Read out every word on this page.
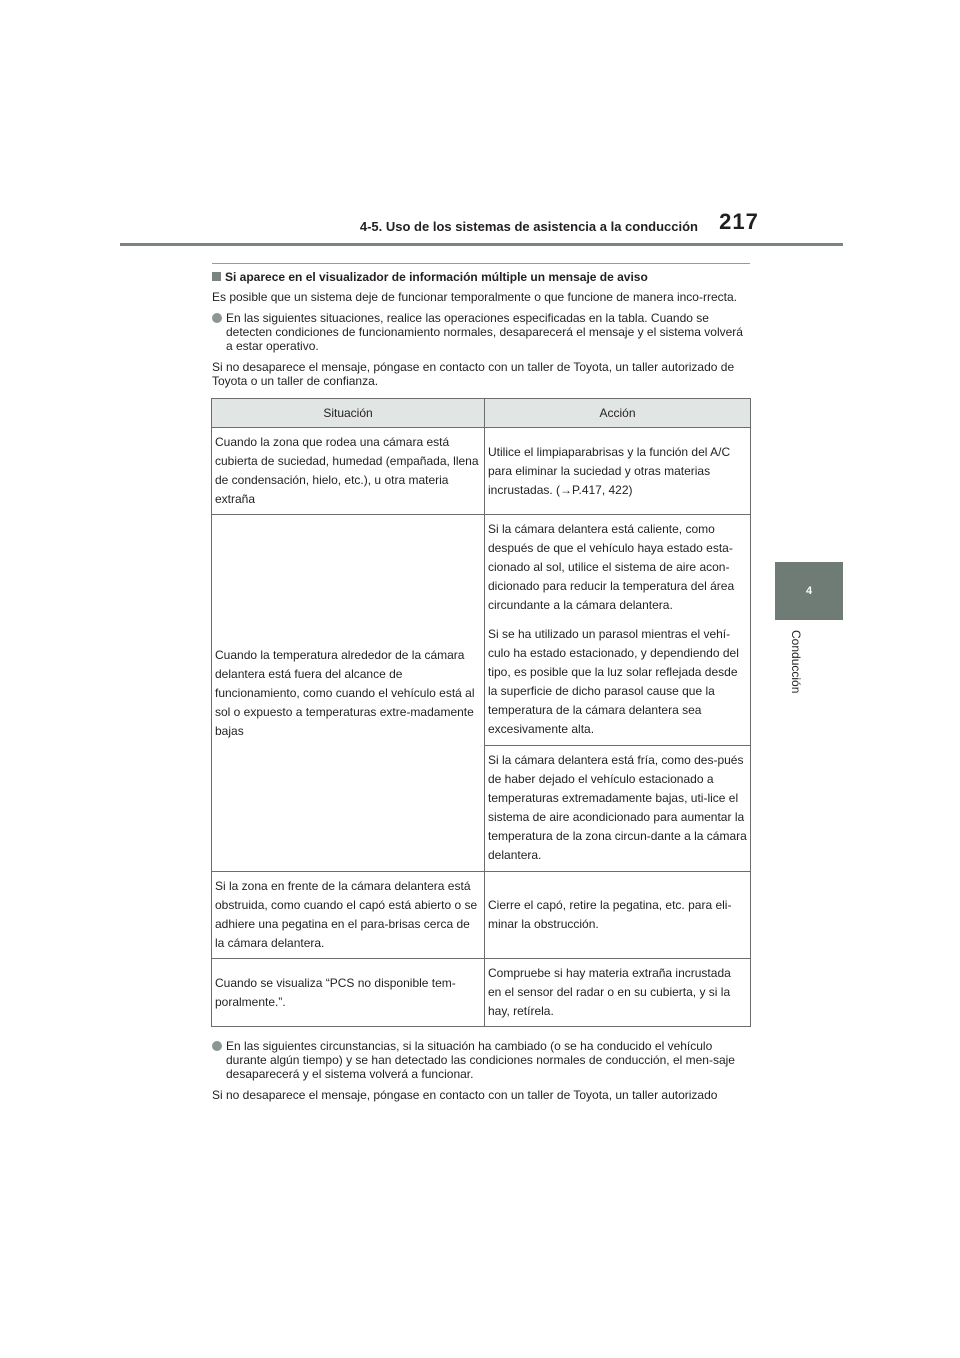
4-5. Uso de los sistemas de asistencia a la conducción 217
4
Conducción
Si aparece en el visualizador de información múltiple un mensaje de aviso

Es posible que un sistema deje de funcionar temporalmente o que funcione de manera inco-rrecta.

En las siguientes situaciones, realice las operaciones especificadas en la tabla. Cuando se detecten condiciones de funcionamiento normales, desaparecerá el mensaje y el sistema volverá a estar operativo.

Si no desaparece el mensaje, póngase en contacto con un taller de Toyota, un taller autorizado de Toyota o un taller de confianza.

Situación	Acción
Cuando la zona que rodea una cámara está cubierta de suciedad, humedad (empañada, llena de condensación, hielo, etc.), u otra materia extraña	Utilice el limpiaparabrisas y la función del A/C para eliminar la suciedad y otras materias incrustadas. (→P.417, 422)
Cuando la temperatura alrededor de la cámara delantera está fuera del alcance de funcionamiento, como cuando el vehículo está al sol o expuesto a temperaturas extre-madamente bajas	Si la cámara delantera está caliente, como después de que el vehículo haya estado esta-cionado al sol, utilice el sistema de aire acon-dicionado para reducir la temperatura del área circundante a la cámara delantera.
Si se ha utilizado un parasol mientras el vehí-culo ha estado estacionado, y dependiendo del tipo, es posible que la luz solar reflejada desde la superficie de dicho parasol cause que la temperatura de la cámara delantera sea excesivamente alta.
Si la cámara delantera está fría, como des-pués de haber dejado el vehículo estacionado a temperaturas extremadamente bajas, uti-lice el sistema de aire acondicionado para aumentar la temperatura de la zona circun-dante a la cámara delantera.

Si la zona en frente de la cámara delantera está obstruida, como cuando el capó está abierto o se adhiere una pegatina en el para-brisas cerca de la cámara delantera.	Cierre el capó, retire la pegatina, etc. para eli-minar la obstrucción.
Cuando se visualiza “PCS no disponible tem-poralmente.”.	Compruebe si hay materia extraña incrustada en el sensor del radar o en su cubierta, y si la hay, retírela.
En las siguientes circunstancias, si la situación ha cambiado (o se ha conducido el vehículo durante algún tiempo) y se han detectado las condiciones normales de conducción, el men-saje desaparecerá y el sistema volverá a funcionar.

Si no desaparece el mensaje, póngase en contacto con un taller de Toyota, un taller autorizado
